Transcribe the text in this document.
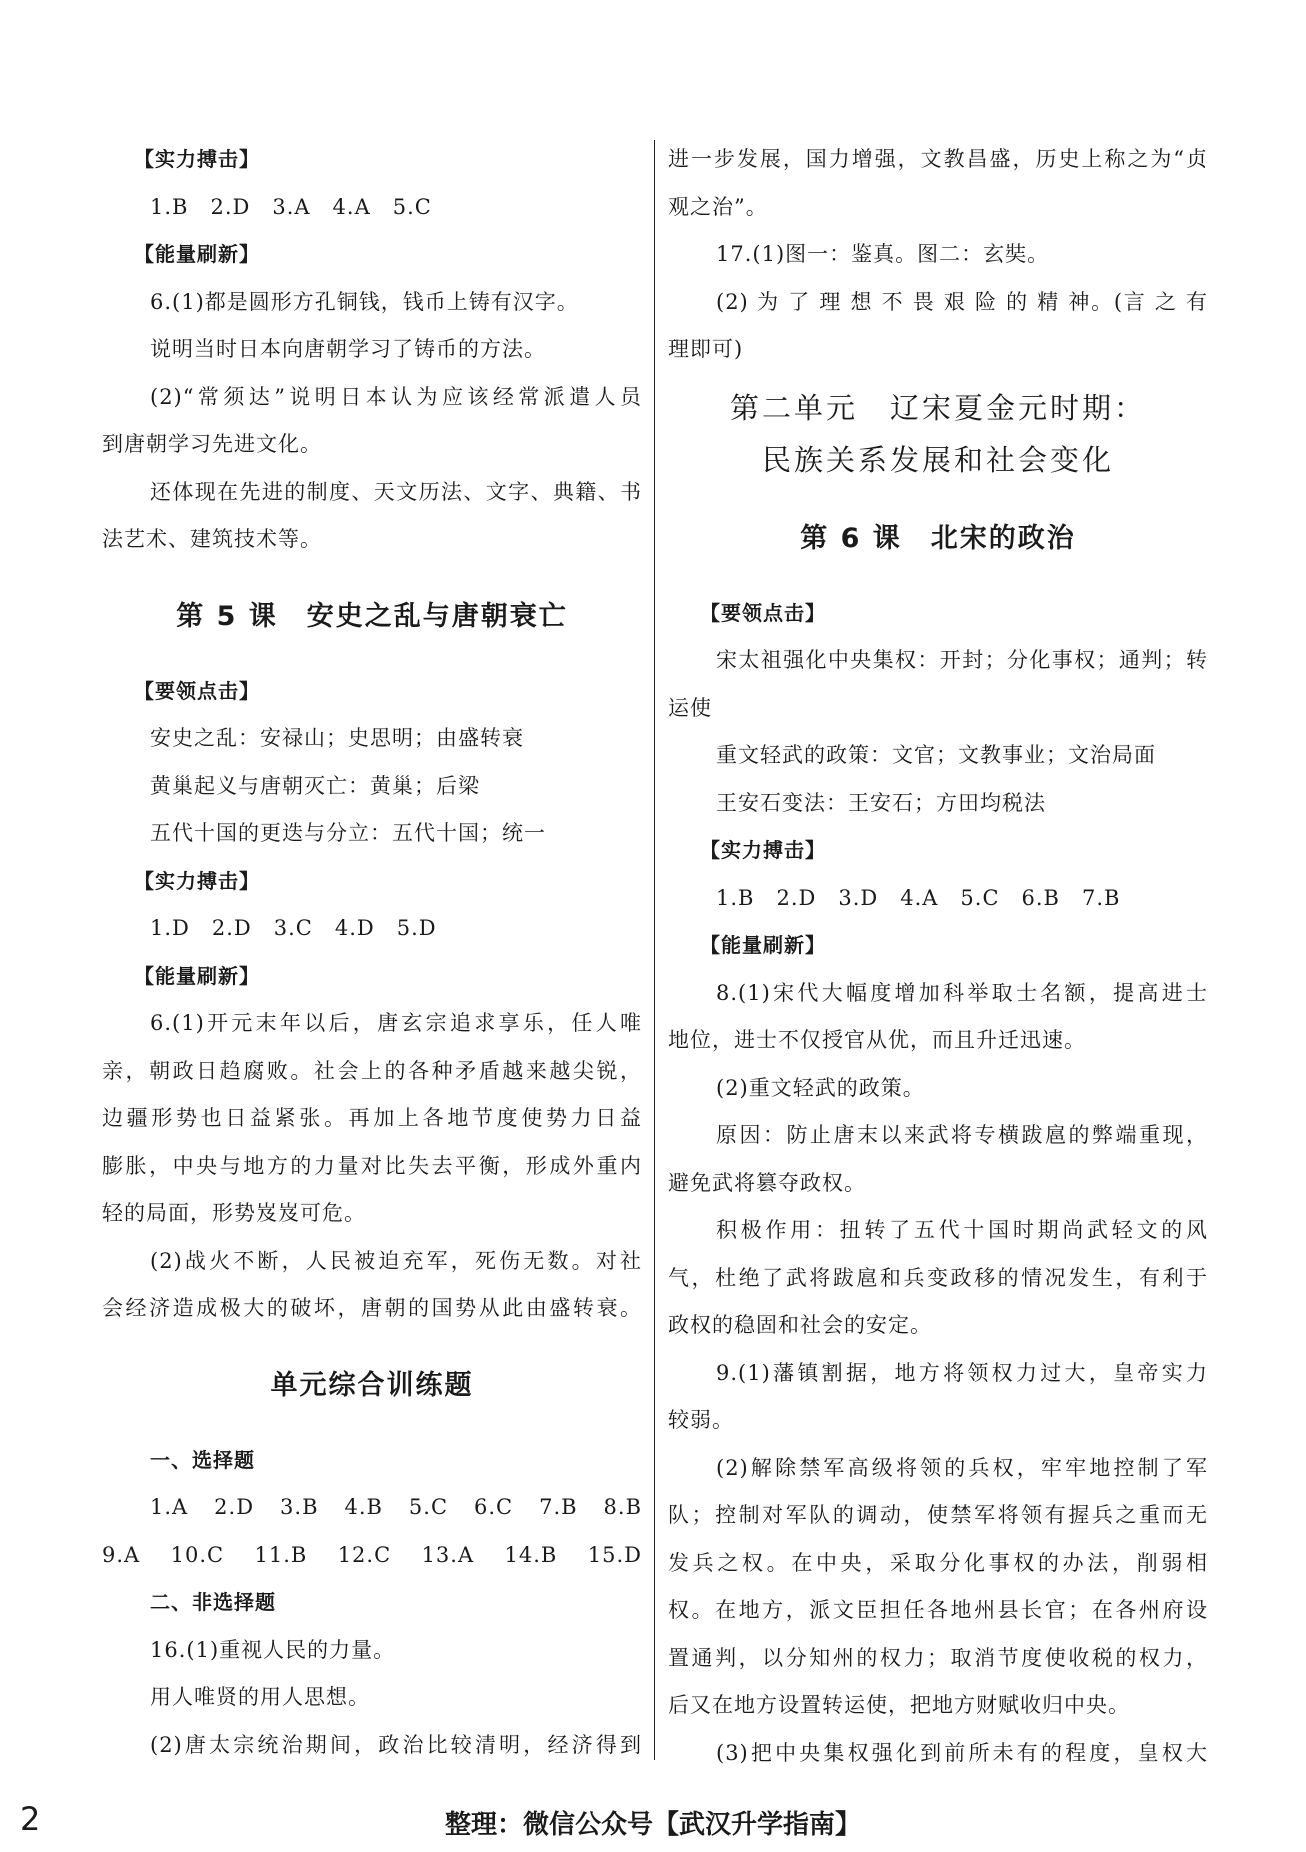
【实力搏击】
1.B　2.D　3.A　4.A　5.C
【能量刷新】
6.(1)都是圆形方孔铜钱，钱币上铸有汉字。
说明当时日本向唐朝学习了铸币的方法。
(2)“常须达”说明日本认为应该经常派遣人员
到唐朝学习先进文化。
还体现在先进的制度、天文历法、文字、典籍、书
法艺术、建筑技术等。
第 5 课　安史之乱与唐朝衰亡
【要领点击】
安史之乱：安禄山；史思明；由盛转衰
黄巢起义与唐朝灭亡：黄巢；后梁
五代十国的更迭与分立：五代十国；统一
【实力搏击】
1.D　2.D　3.C　4.D　5.D
【能量刷新】
6.(1)开元末年以后，唐玄宗追求享乐，任人唯
亲，朝政日趋腐败。社会上的各种矛盾越来越尖锐，
边疆形势也日益紧张。再加上各地节度使势力日益
膨胀，中央与地方的力量对比失去平衡，形成外重内
轻的局面，形势岌岌可危。
(2)战火不断，人民被迫充军，死伤无数。对社
会经济造成极大的破坏，唐朝的国势从此由盛转衰。
单元综合训练题
一、选择题
1.A　2.D　3.B　4.B　5.C　6.C　7.B　8.B
9.A　10.C　11.B　12.C　13.A　14.B　15.D
二、非选择题
16.(1)重视人民的力量。
用人唯贤的用人思想。
(2)唐太宗统治期间，政治比较清明，经济得到
进一步发展，国力增强，文教昌盛，历史上称之为“贞
观之治”。
17.(1)图一：鉴真。图二：玄奘。
(2) 为 了 理 想 不 畏 艰 险 的 精 神。(言 之 有
理即可)
第二单元　辽宋夏金元时期：
民族关系发展和社会变化
第 6 课　北宋的政治
【要领点击】
宋太祖强化中央集权：开封；分化事权；通判；转
运使
重文轻武的政策：文官；文教事业；文治局面
王安石变法：王安石；方田均税法
【实力搏击】
1.B　2.D　3.D　4.A　5.C　6.B　7.B
【能量刷新】
8.(1)宋代大幅度增加科举取士名额，提高进士
地位，进士不仅授官从优，而且升迁迅速。
(2)重文轻武的政策。
原因：防止唐末以来武将专横跋扈的弊端重现，
避免武将篡夺政权。
积极作用：扭转了五代十国时期尚武轻文的风
气，杜绝了武将跋扈和兵变政移的情况发生，有利于
政权的稳固和社会的安定。
9.(1)藩镇割据，地方将领权力过大，皇帝实力
较弱。
(2)解除禁军高级将领的兵权，牢牢地控制了军
队；控制对军队的调动，使禁军将领有握兵之重而无
发兵之权。在中央，采取分化事权的办法，削弱相
权。在地方，派文臣担任各地州县长官；在各州府设
置通判，以分知州的权力；取消节度使收税的权力，
后又在地方设置转运使，把地方财赋收归中央。
(3)把中央集权强化到前所未有的程度，皇权大
2	整理：微信公众号【武汉升学指南】
